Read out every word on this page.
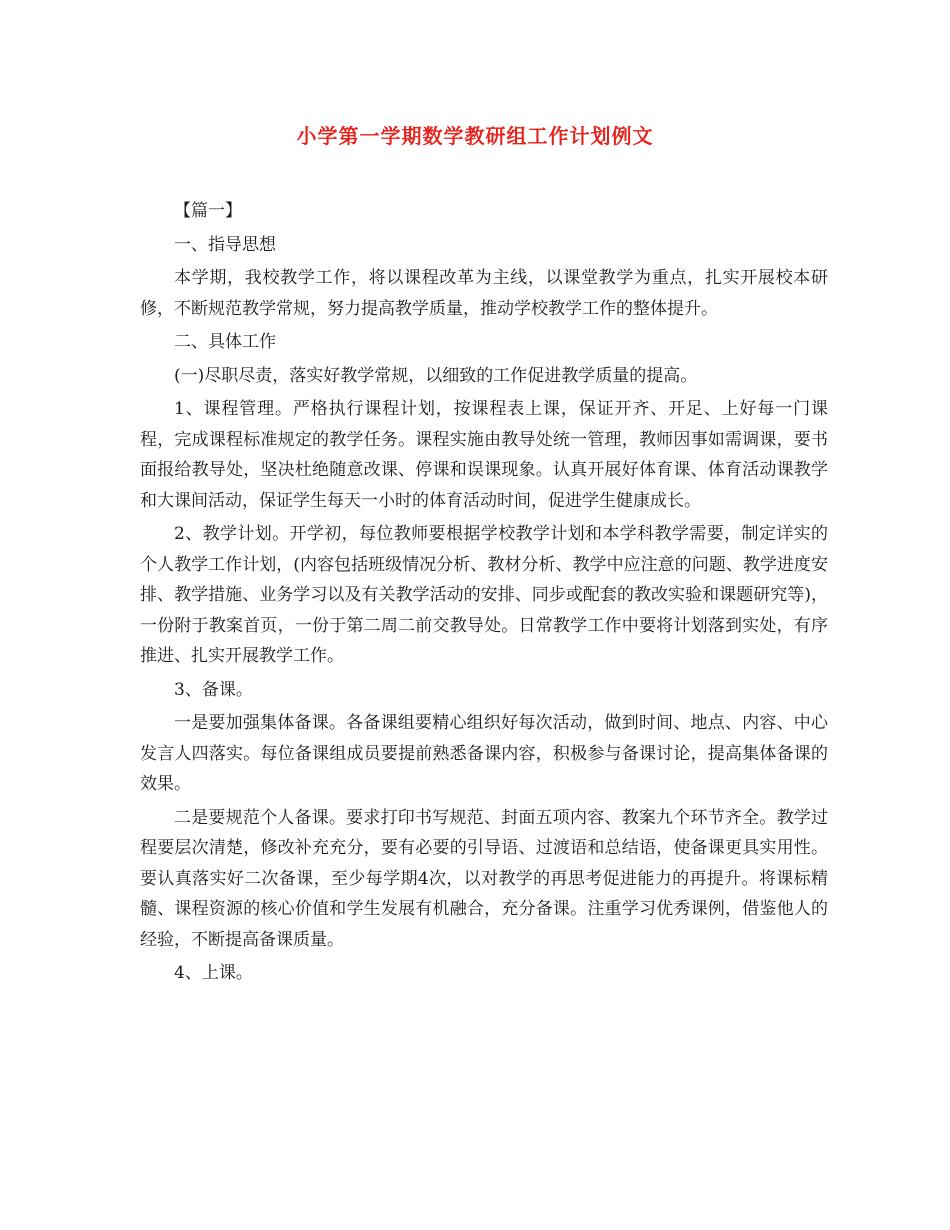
小学第一学期数学教研组工作计划例文

【篇一】

一、指导思想

本学期，我校教学工作，将以课程改革为主线，以课堂教学为重点，扎实开展校本研修，不断规范教学常规，努力提高教学质量，推动学校教学工作的整体提升。

二、具体工作

(一)尽职尽责，落实好教学常规，以细致的工作促进教学质量的提高。

1、课程管理。严格执行课程计划，按课程表上课，保证开齐、开足、上好每一门课程，完成课程标准规定的教学任务。课程实施由教导处统一管理，教师因事如需调课，要书面报给教导处，坚决杜绝随意改课、停课和误课现象。认真开展好体育课、体育活动课教学和大课间活动，保证学生每天一小时的体育活动时间，促进学生健康成长。

2、教学计划。开学初，每位教师要根据学校教学计划和本学科教学需要，制定详实的个人教学工作计划，(内容包括班级情况分析、教材分析、教学中应注意的问题、教学进度安排、教学措施、业务学习以及有关教学活动的安排、同步或配套的教改实验和课题研究等)，一份附于教案首页，一份于第二周二前交教导处。日常教学工作中要将计划落到实处，有序推进、扎实开展教学工作。

3、备课。

一是要加强集体备课。各备课组要精心组织好每次活动，做到时间、地点、内容、中心发言人四落实。每位备课组成员要提前熟悉备课内容，积极参与备课讨论，提高集体备课的效果。

二是要规范个人备课。要求打印书写规范、封面五项内容、教案九个环节齐全。教学过程要层次清楚，修改补充充分，要有必要的引导语、过渡语和总结语，使备课更具实用性。要认真落实好二次备课，至少每学期4次，以对教学的再思考促进能力的再提升。将课标精髓、课程资源的核心价值和学生发展有机融合，充分备课。注重学习优秀课例，借鉴他人的经验，不断提高备课质量。

4、上课。
